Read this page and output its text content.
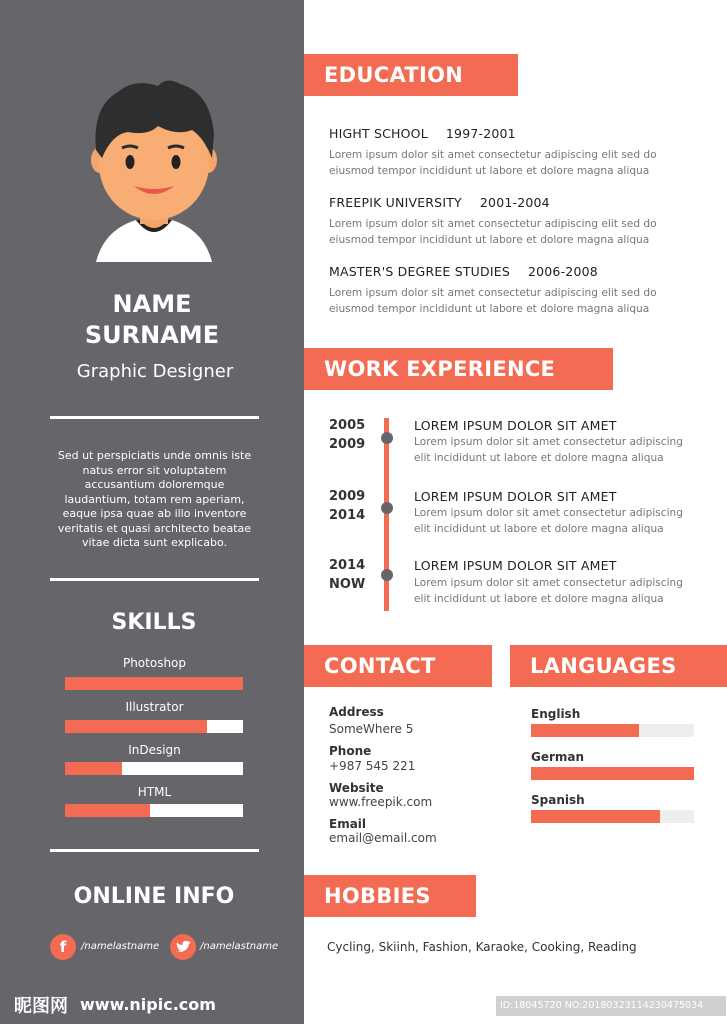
NAME
SURNAME
Graphic Designer
Sed ut perspiciatis unde omnis iste natus error sit voluptatem accusantium doloremque laudantium, totam rem aperiam, eaque ipsa quae ab illo inventore veritatis et quasi architecto beatae vitae dicta sunt explicabo.
SKILLS
Photoshop
Illustrator
InDesign
HTML
ONLINE INFO
f	/namelastname	/namelastname
昵图网 www.nipic.com
EDUCATION
HIGHT SCHOOL 1997-2001
Lorem ipsum dolor sit amet consectetur adipiscing elit sed do
eiusmod tempor incididunt ut labore et dolore magna aliqua
FREEPIK UNIVERSITY 2001-2004
Lorem ipsum dolor sit amet consectetur adipiscing elit sed do
eiusmod tempor incididunt ut labore et dolore magna aliqua
MASTER'S DEGREE STUDIES 2006-2008
Lorem ipsum dolor sit amet consectetur adipiscing elit sed do
eiusmod tempor incididunt ut labore et dolore magna aliqua
WORK EXPERIENCE
2005
2009
LOREM IPSUM DOLOR SIT AMET
Lorem ipsum dolor sit amet consectetur adipiscing
elit incididunt ut labore et dolore magna aliqua
2009
2014
LOREM IPSUM DOLOR SIT AMET
Lorem ipsum dolor sit amet consectetur adipiscing
elit incididunt ut labore et dolore magna aliqua
2014
NOW
LOREM IPSUM DOLOR SIT AMET
Lorem ipsum dolor sit amet consectetur adipiscing
elit incididunt ut labore et dolore magna aliqua
CONTACT
Address
SomeWhere 5
Phone
+987 545 221
Website
www.freepik.com
Email
email@email.com
LANGUAGES
English
German
Spanish
HOBBIES
Cycling, Skiinh, Fashion, Karaoke, Cooking, Reading
ID:18045720 NO:20180323114230475034
